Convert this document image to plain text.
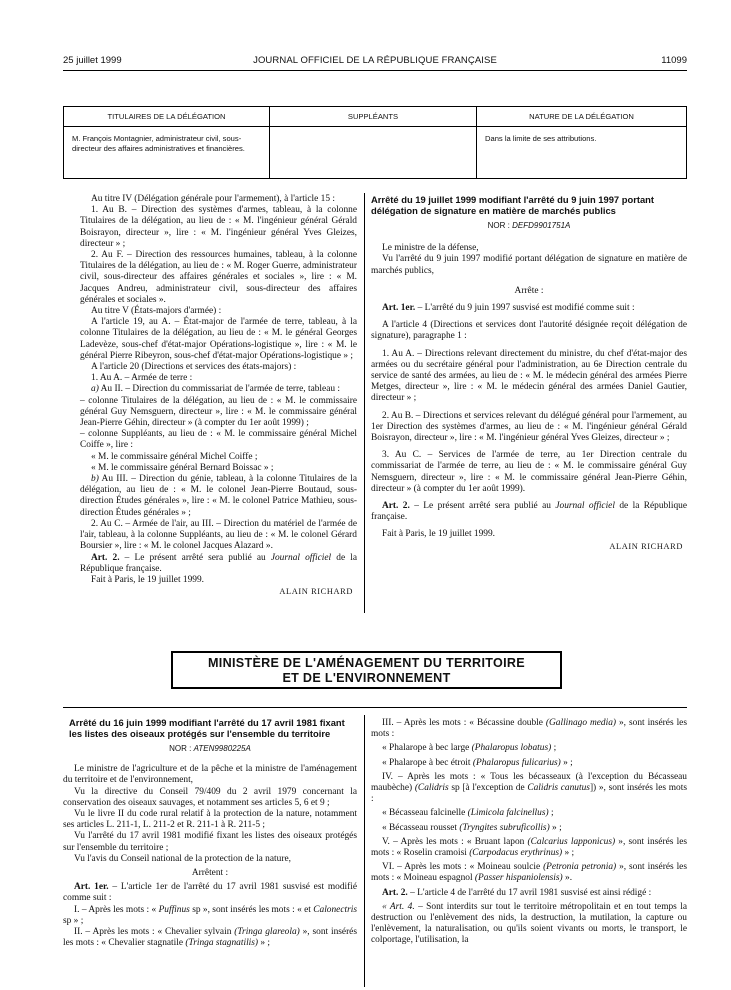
25 juillet 1999	JOURNAL OFFICIEL DE LA RÉPUBLIQUE FRANÇAISE	11099
TITULAIRES DE LA DÉLÉGATION	SUPPLÉANTS	NATURE DE LA DÉLÉGATION
M. François Montagnier, administrateur civil, sous-directeur des affaires administratives et financières.		Dans la limite de ses attributions.

Au titre IV (Délégation générale pour l'armement), à l'article 15 :

1. Au B. – Direction des systèmes d'armes, tableau, à la colonne Titulaires de la délégation, au lieu de : « M. l'ingénieur général Gérald Boisrayon, directeur », lire : « M. l'ingénieur général Yves Gleizes, directeur » ;

2. Au F. – Direction des ressources humaines, tableau, à la colonne Titulaires de la délégation, au lieu de : « M. Roger Guerre, administrateur civil, sous-directeur des affaires générales et sociales », lire : « M. Jacques Andreu, administrateur civil, sous-directeur des affaires générales et sociales ».

Au titre V (États-majors d'armée) :

A l'article 19, au A. – État-major de l'armée de terre, tableau, à la colonne Titulaires de la délégation, au lieu de : « M. le général Georges Ladevèze, sous-chef d'état-major Opérations-logistique », lire : « M. le général Pierre Ribeyron, sous-chef d'état-major Opérations-logistique » ;

A l'article 20 (Directions et services des états-majors) :

1. Au A. – Armée de terre :

a) Au II. – Direction du commissariat de l'armée de terre, tableau :

– colonne Titulaires de la délégation, au lieu de : « M. le commissaire général Guy Nemsguern, directeur », lire : « M. le commissaire général Jean-Pierre Géhin, directeur » (à compter du 1er août 1999) ;

– colonne Suppléants, au lieu de : « M. le commissaire général Michel Coiffe », lire :

« M. le commissaire général Michel Coiffe ;

« M. le commissaire général Bernard Boissac » ;

b) Au III. – Direction du génie, tableau, à la colonne Titulaires de la délégation, au lieu de : « M. le colonel Jean-Pierre Boutaud, sous-direction Études générales », lire : « M. le colonel Patrice Mathieu, sous-direction Études générales » ;

2. Au C. – Armée de l'air, au III. – Direction du matériel de l'armée de l'air, tableau, à la colonne Suppléants, au lieu de : « M. le colonel Gérard Boursier », lire : « M. le colonel Jacques Alazard ».

Art. 2. – Le présent arrêté sera publié au Journal officiel de la République française.

Fait à Paris, le 19 juillet 1999.

ALAIN RICHARD

Arrêté du 19 juillet 1999 modifiant l'arrêté du 9 juin 1997 portant délégation de signature en matière de marchés publics

NOR : DEFD9901751A

Le ministre de la défense,

Vu l'arrêté du 9 juin 1997 modifié portant délégation de signature en matière de marchés publics,

Arrête :

Art. 1er. – L'arrêté du 9 juin 1997 susvisé est modifié comme suit :

A l'article 4 (Directions et services dont l'autorité désignée reçoit délégation de signature), paragraphe 1 :

1. Au A. – Directions relevant directement du ministre, du chef d'état-major des armées ou du secrétaire général pour l'administration, au 6e Direction centrale du service de santé des armées, au lieu de : « M. le médecin général des armées Pierre Metges, directeur », lire : « M. le médecin général des armées Daniel Gautier, directeur » ;

2. Au B. – Directions et services relevant du délégué général pour l'armement, au 1er Direction des systèmes d'armes, au lieu de : « M. l'ingénieur général Gérald Boisrayon, directeur », lire : « M. l'ingénieur général Yves Gleizes, directeur » ;

3. Au C. – Services de l'armée de terre, au 1er Direction centrale du commissariat de l'armée de terre, au lieu de : « M. le commissaire général Guy Nemsguern, directeur », lire : « M. le commissaire général Jean-Pierre Géhin, directeur » (à compter du 1er août 1999).

Art. 2. – Le présent arrêté sera publié au Journal officiel de la République française.

Fait à Paris, le 19 juillet 1999.

ALAIN RICHARD

MINISTÈRE DE L'AMÉNAGEMENT DU TERRITOIRE
ET DE L'ENVIRONNEMENT

Arrêté du 16 juin 1999 modifiant l'arrêté du 17 avril 1981 fixant les listes des oiseaux protégés sur l'ensemble du territoire

NOR : ATEN9980225A

Le ministre de l'agriculture et de la pêche et la ministre de l'aménagement du territoire et de l'environnement,

Vu la directive du Conseil 79/409 du 2 avril 1979 concernant la conservation des oiseaux sauvages, et notamment ses articles 5, 6 et 9 ;

Vu le livre II du code rural relatif à la protection de la nature, notamment ses articles L. 211-1, L. 211-2 et R. 211-1 à R. 211-5 ;

Vu l'arrêté du 17 avril 1981 modifié fixant les listes des oiseaux protégés sur l'ensemble du territoire ;

Vu l'avis du Conseil national de la protection de la nature,

Arrêtent :

Art. 1er. – L'article 1er de l'arrêté du 17 avril 1981 susvisé est modifié comme suit :

I. – Après les mots : « Puffinus sp », sont insérés les mots : « et Calonectris sp » ;

II. – Après les mots : « Chevalier sylvain (Tringa glareola) », sont insérés les mots : « Chevalier stagnatile (Tringa stagnatilis) » ;

III. – Après les mots : « Bécassine double (Gallinago media) », sont insérés les mots :

« Phalarope à bec large (Phalaropus lobatus) ;

« Phalarope à bec étroit (Phalaropus fulicarius) » ;

IV. – Après les mots : « Tous les bécasseaux (à l'exception du Bécasseau maubèche) (Calidris sp [à l'exception de Calidris canutus]) », sont insérés les mots :

« Bécasseau falcinelle (Limicola falcinellus) ;

« Bécasseau rousset (Tryngites subruficollis) » ;

V. – Après les mots : « Bruant lapon (Calcarius lapponicus) », sont insérés les mots : « Roselin cramoisi (Carpodacus erythrinus) » ;

VI. – Après les mots : « Moineau soulcie (Petronia petronia) », sont insérés les mots : « Moineau espagnol (Passer hispaniolensis) ».

Art. 2. – L'article 4 de l'arrêté du 17 avril 1981 susvisé est ainsi rédigé :

« Art. 4. – Sont interdits sur tout le territoire métropolitain et en tout temps la destruction ou l'enlèvement des nids, la destruction, la mutilation, la capture ou l'enlèvement, la naturalisation, ou qu'ils soient vivants ou morts, le transport, le colportage, l'utilisation, la
